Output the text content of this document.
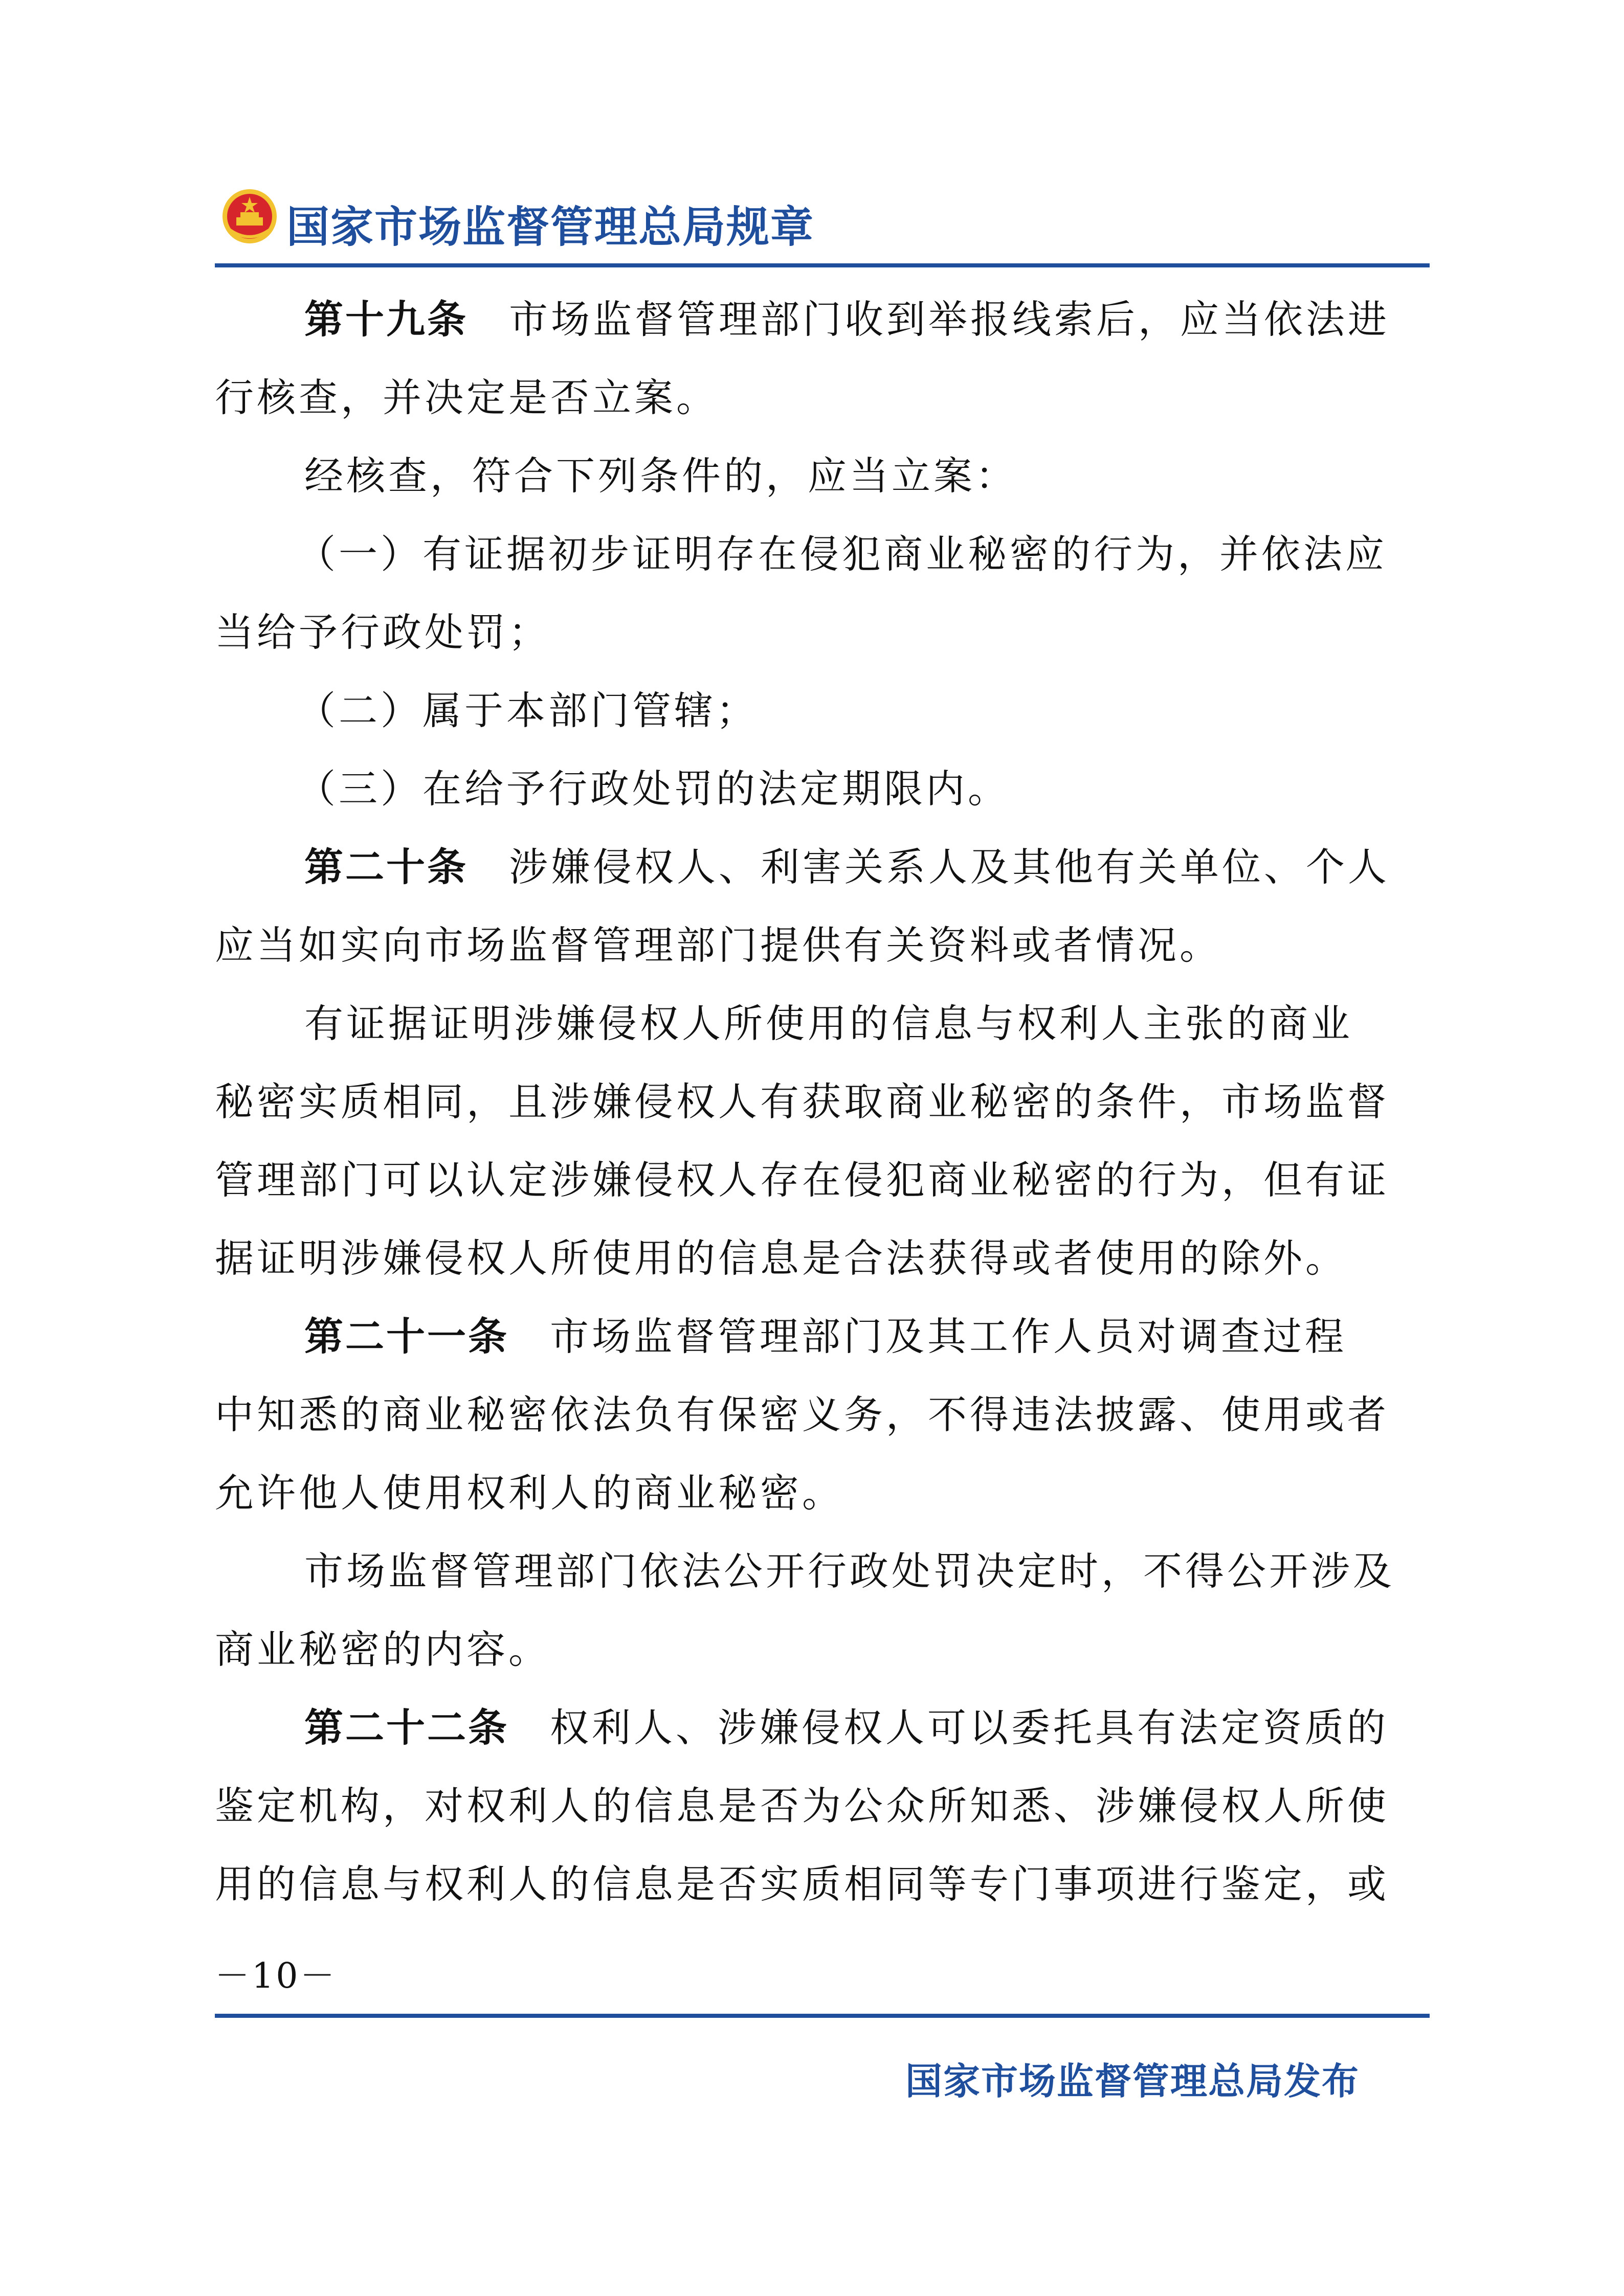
国家市场监督管理总局规章

第十九条 市场监督管理部门收到举报线索后，应当依法进

行核查，并决定是否立案。

经核查，符合下列条件的，应当立案：

（一）有证据初步证明存在侵犯商业秘密的行为，并依法应

当给予行政处罚；

（二）属于本部门管辖；

（三）在给予行政处罚的法定期限内。

第二十条 涉嫌侵权人、利害关系人及其他有关单位、个人

应当如实向市场监督管理部门提供有关资料或者情况。

有证据证明涉嫌侵权人所使用的信息与权利人主张的商业

秘密实质相同，且涉嫌侵权人有获取商业秘密的条件，市场监督

管理部门可以认定涉嫌侵权人存在侵犯商业秘密的行为，但有证

据证明涉嫌侵权人所使用的信息是合法获得或者使用的除外。

第二十一条 市场监督管理部门及其工作人员对调查过程

中知悉的商业秘密依法负有保密义务，不得违法披露、使用或者

允许他人使用权利人的商业秘密。

市场监督管理部门依法公开行政处罚决定时，不得公开涉及

商业秘密的内容。

第二十二条 权利人、涉嫌侵权人可以委托具有法定资质的

鉴定机构，对权利人的信息是否为公众所知悉、涉嫌侵权人所使

用的信息与权利人的信息是否实质相同等专门事项进行鉴定，或

－10－
国家市场监督管理总局发布
